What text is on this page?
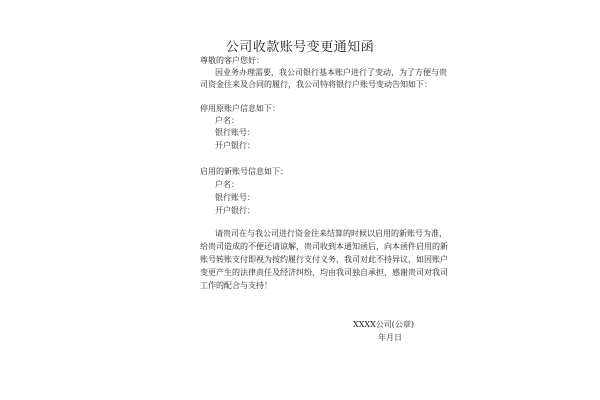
公司收款账号变更通知函
尊敬的客户您好：
因业务办理需要，我公司银行基本账户进行了变动，为了方便与贵
司资金往来及合同的履行，我公司特将银行户账号变动告知如下：
停用原账户信息如下：
户名：
银行账号：
开户银行：
启用的新账号信息如下：
户名：
银行账号：
开户银行：
请贵司在与我公司进行资金往来结算的时候以启用的新账号为准，
给贵司造成的不便还请谅解，贵司收到本通知函后，向本函件启用的新
账号转账支付即视为按约履行支付义务，我司对此不持异议，如因账户
变更产生的法律责任及经济纠纷，均由我司独自承担，感谢贵司对我司
工作的配合与支持！
XXXX公司(公章)
年月日
